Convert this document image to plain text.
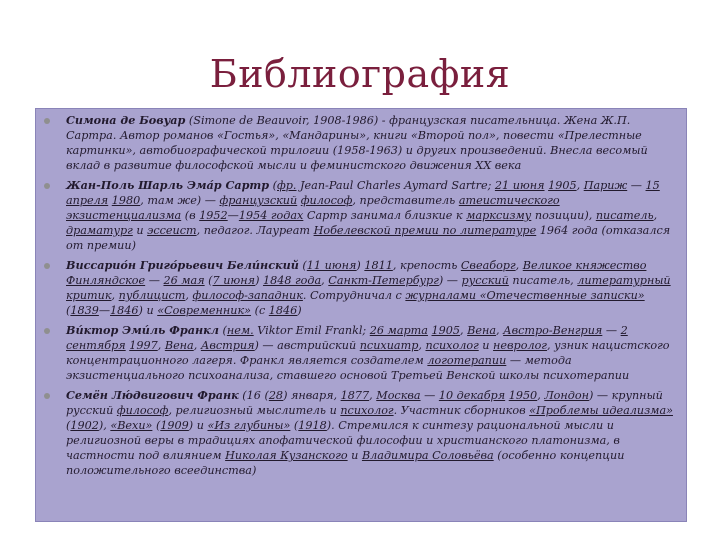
Библиография
Симона де Бовуар (Simone de Beauvoir, 1908-1986) - французская писательница. Жена Ж.П. Сартра. Автор романов «Гостья», «Мандарины», книги «Второй пол», повести «Прелестные картинки», автобиографической трилогии (1958-1963) и других произведений. Внесла весомый вклад в развитие философской мысли и феминистского движения XX века
Жан-Поль Шарль Эма́р Сартр (фр. Jean-Paul Charles Aymard Sartre; 21 июня 1905, Париж — 15 апреля 1980, там же) — французский философ, представитель атеистического экзистенциализма (в 1952—1954 годах Сартр занимал близкие к марксизму позиции), писатель, драматург и эссеист, педагог. Лауреат Нобелевской премии по литературе 1964 года (отказался от премии)
Виссарио́н Григо́рьевич Бели́нский (11 июня) 1811, крепость Свеаборг, Великое княжество Финляндское — 26 мая (7 июня) 1848 года, Санкт-Петербург) — русский писатель, литературный критик, публицист, философ-западник. Сотрудничал с журналами «Отечественные записки» (1839—1846) и «Современник» (с 1846)
Ви́ктор Эми́ль Франкл (нем. Viktor Emil Frankl; 26 марта 1905, Вена, Австро-Венгрия — 2 сентября 1997, Вена, Австрия) — австрийский психиатр, психолог и невролог, узник нацистского концентрационного лагеря. Франкл является создателем логотерапии — метода экзистенциального психоанализа, ставшего основой Третьей Венской школы психотерапии
Семён Лю́двигович Франк (16 (28) января, 1877, Москва — 10 декабря 1950, Лондон) — крупный русский философ, религиозный мыслитель и психолог. Участник сборников «Проблемы идеализма» (1902), «Вехи» (1909) и «Из глубины» (1918). Стремился к синтезу рациональной мысли и религиозной веры в традициях апофатической философии и христианского платонизма, в частности под влиянием Николая Кузанского и Владимира Соловьёва (особенно концепции положительного всеединства)
